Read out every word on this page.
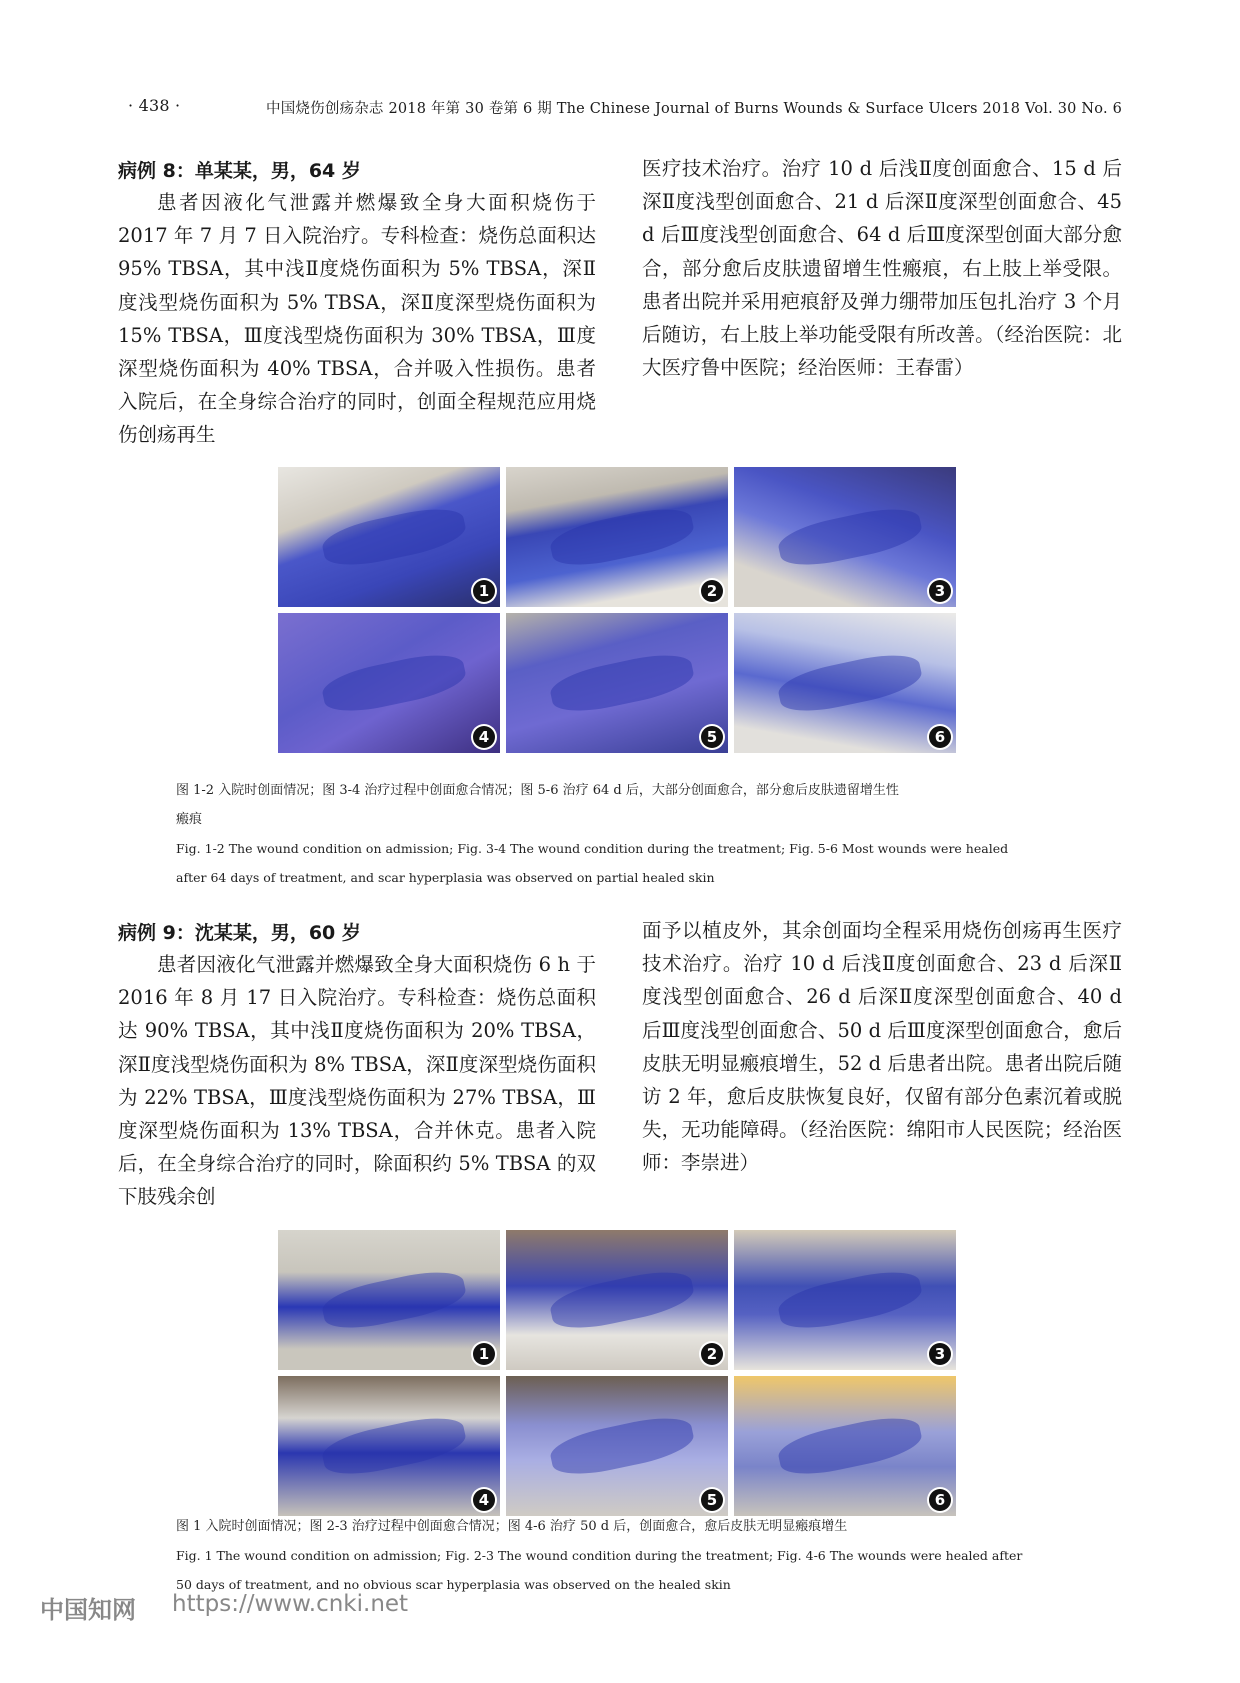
· 438 ·	中国烧伤创疡杂志 2018 年第 30 卷第 6 期 The Chinese Journal of Burns Wounds & Surface Ulcers 2018 Vol. 30 No. 6
病例 8：单某某，男，64 岁

患者因液化气泄露并燃爆致全身大面积烧伤于 2017 年 7 月 7 日入院治疗。专科检查：烧伤总面积达 95% TBSA，其中浅Ⅱ度烧伤面积为 5% TBSA，深Ⅱ度浅型烧伤面积为 5% TBSA，深Ⅱ度深型烧伤面积为 15% TBSA，Ⅲ度浅型烧伤面积为 30% TBSA，Ⅲ度深型烧伤面积为 40% TBSA，合并吸入性损伤。患者入院后，在全身综合治疗的同时，创面全程规范应用烧伤创疡再生

医疗技术治疗。治疗 10 d 后浅Ⅱ度创面愈合、15 d 后深Ⅱ度浅型创面愈合、21 d 后深Ⅱ度深型创面愈合、45 d 后Ⅲ度浅型创面愈合、64 d 后Ⅲ度深型创面大部分愈合，部分愈后皮肤遗留增生性瘢痕，右上肢上举受限。患者出院并采用疤痕舒及弹力绷带加压包扎治疗 3 个月后随访，右上肢上举功能受限有所改善。（经治医院：北大医疗鲁中医院；经治医师：王春雷）

1	2	3
4	5	6

图 1-2 入院时创面情况；图 3-4 治疗过程中创面愈合情况；图 5-6 治疗 64 d 后，大部分创面愈合，部分愈后皮肤遗留增生性

瘢痕

Fig. 1-2 The wound condition on admission; Fig. 3-4 The wound condition during the treatment; Fig. 5-6 Most wounds were healed

after 64 days of treatment, and scar hyperplasia was observed on partial healed skin

病例 9：沈某某，男，60 岁

患者因液化气泄露并燃爆致全身大面积烧伤 6 h 于 2016 年 8 月 17 日入院治疗。专科检查：烧伤总面积达 90% TBSA，其中浅Ⅱ度烧伤面积为 20% TBSA，深Ⅱ度浅型烧伤面积为 8% TBSA，深Ⅱ度深型烧伤面积为 22% TBSA，Ⅲ度浅型烧伤面积为 27% TBSA，Ⅲ度深型烧伤面积为 13% TBSA，合并休克。患者入院后，在全身综合治疗的同时，除面积约 5% TBSA 的双下肢残余创

面予以植皮外，其余创面均全程采用烧伤创疡再生医疗技术治疗。治疗 10 d 后浅Ⅱ度创面愈合、23 d 后深Ⅱ度浅型创面愈合、26 d 后深Ⅱ度深型创面愈合、40 d 后Ⅲ度浅型创面愈合、50 d 后Ⅲ度深型创面愈合，愈后皮肤无明显瘢痕增生，52 d 后患者出院。患者出院后随访 2 年，愈后皮肤恢复良好，仅留有部分色素沉着或脱失，无功能障碍。（经治医院：绵阳市人民医院；经治医师：李崇进）

1	2	3
4	5	6

图 1 入院时创面情况；图 2-3 治疗过程中创面愈合情况；图 4-6 治疗 50 d 后，创面愈合，愈后皮肤无明显瘢痕增生

Fig. 1 The wound condition on admission; Fig. 2-3 The wound condition during the treatment; Fig. 4-6 The wounds were healed after

50 days of treatment, and no obvious scar hyperplasia was observed on the healed skin

中国知网 https://www.cnki.net
